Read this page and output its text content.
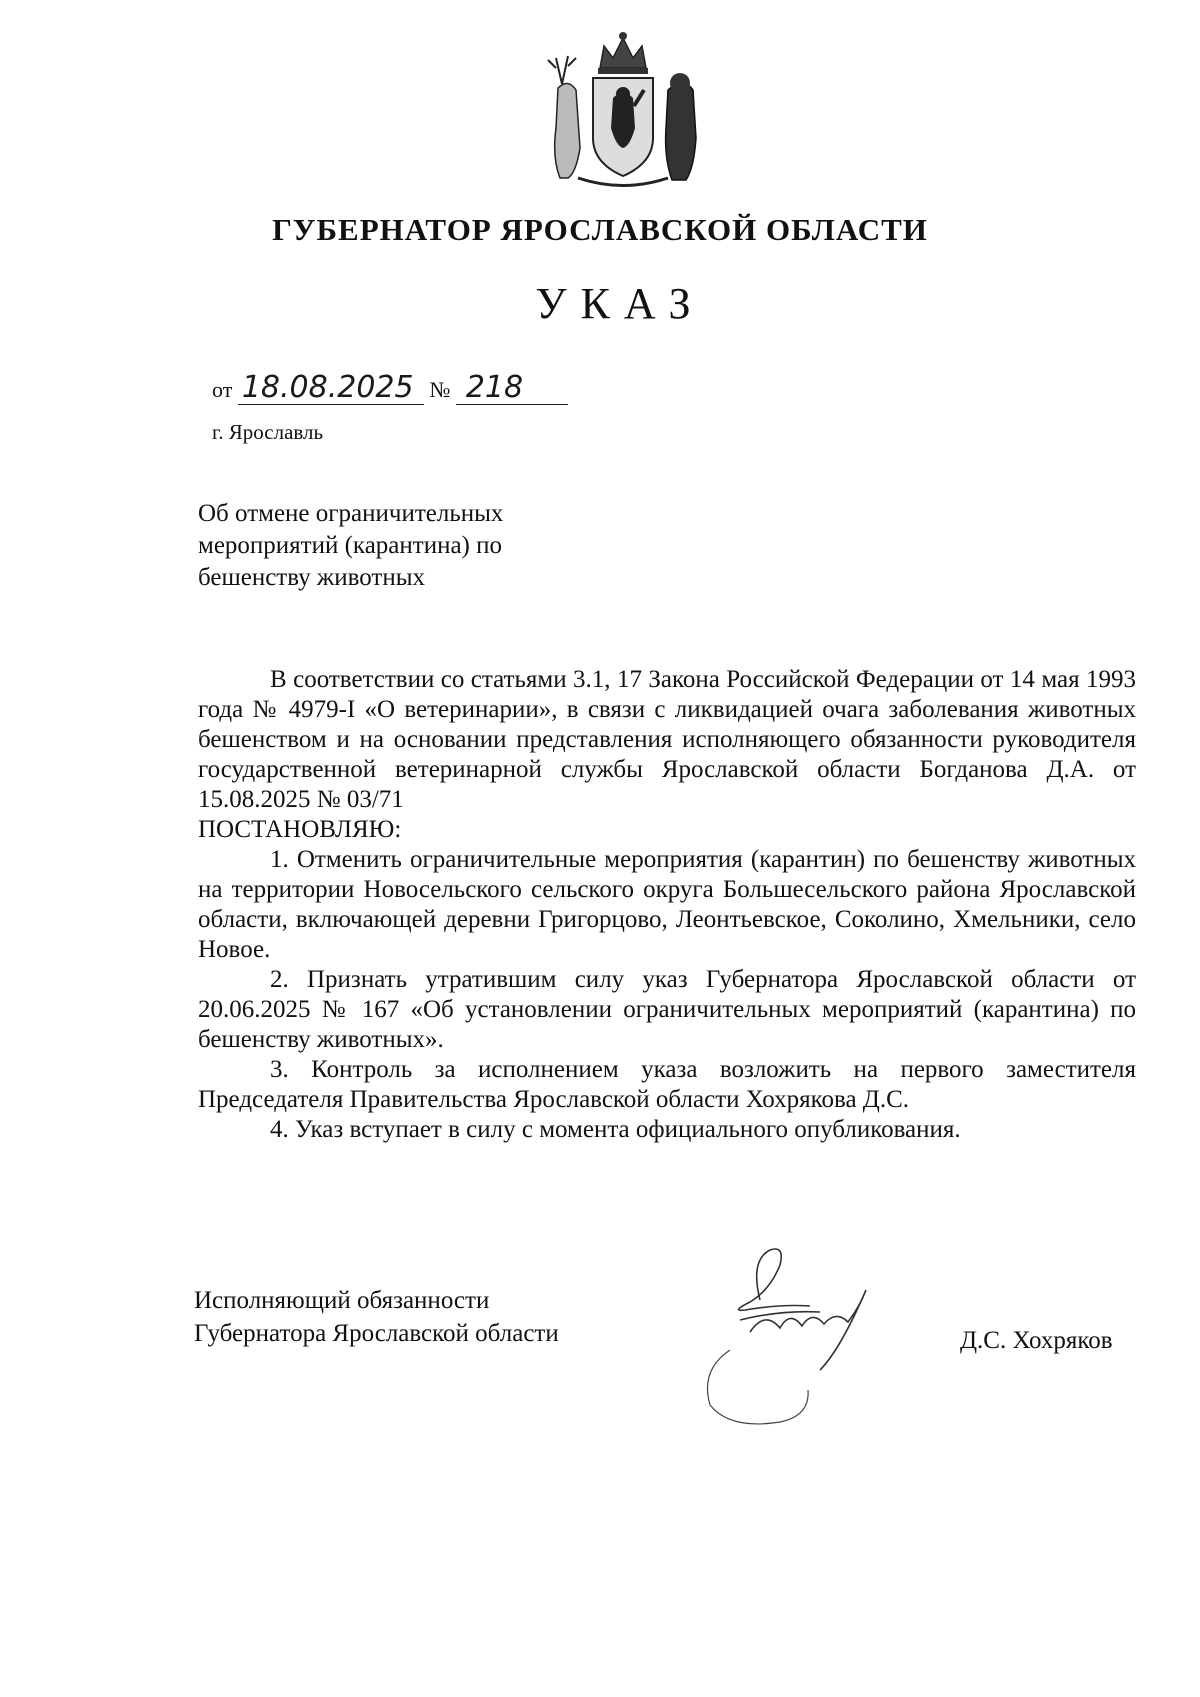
ГУБЕРНАТОР ЯРОСЛАВСКОЙ ОБЛАСТИ
УКАЗ
от 18.08.2025 № 218
г. Ярославль
Об отмене ограничительных
мероприятий (карантина) по
бешенству животных

В соответствии со статьями 3.1, 17 Закона Российской Федерации от 14 мая 1993 года № 4979-I «О ветеринарии», в связи с ликвидацией очага заболевания животных бешенством и на основании представления исполняющего обязанности руководителя государственной ветеринарной службы Ярославской области Богданова Д.А. от 15.08.2025 № 03/71

ПОСТАНОВЛЯЮ:

1. Отменить ограничительные мероприятия (карантин) по бешенству животных на территории Новосельского сельского округа Большесельского района Ярославской области, включающей деревни Григорцово, Леонтьевское, Соколино, Хмельники, село Новое.

2. Признать утратившим силу указ Губернатора Ярославской области от 20.06.2025 № 167 «Об установлении ограничительных мероприятий (карантина) по бешенству животных».

3. Контроль за исполнением указа возложить на первого заместителя Председателя Правительства Ярославской области Хохрякова Д.С.

4. Указ вступает в силу с момента официального опубликования.

Исполняющий обязанности
Губернатора Ярославской области	Д.С. Хохряков
